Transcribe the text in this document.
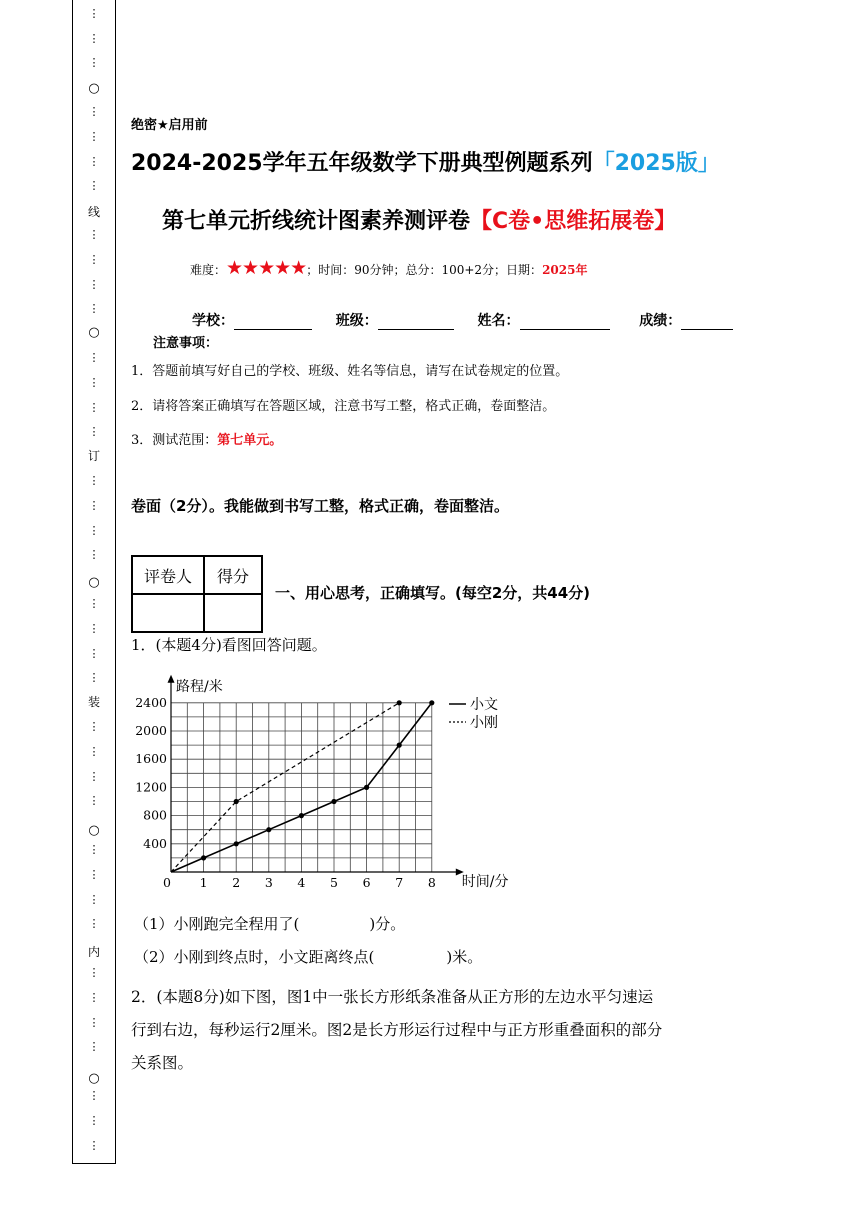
⋮
⋮
⋮
⋮
⋮
⋮
⋮
⋮
⋮
⋮
⋮
⋮
⋮
⋮
⋮
⋮
⋮
⋮
⋮
⋮
⋮
⋮
⋮
⋮
⋮
⋮
⋮
⋮
⋮
⋮
⋮
⋮
⋮
⋮
⋮
⋮
⋮
⋮
○
线
○
订
○
装
○
内
○
绝密★启用前
2024-2025学年五年级数学下册典型例题系列「2025版」
第七单元折线统计图素养测评卷【C卷•思维拓展卷】
难度：★★★★★；时间：90分钟；总分：100+2分；日期：2025年
学校：	班级：	姓名：	成绩：
注意事项：
1．答题前填写好自己的学校、班级、姓名等信息，请写在试卷规定的位置。
2．请将答案正确填写在答题区域，注意书写工整，格式正确，卷面整洁。
3．测试范围：第七单元。
卷面（2分）。我能做到书写工整，格式正确，卷面整洁。
评卷人	得分

一、用心思考，正确填写。(每空2分，共44分)
1．(本题4分)看图回答问题。
路程/米
时间/分
0 1 2 3 4 5 6 7 8
400
800
1200
1600
2000
2400	小文
小刚
（1）小刚跑完全程用了(	)分。
（2）小刚到终点时，小文距离终点(	)米。
2．(本题8分)如下图，图1中一张长方形纸条准备从正方形的左边水平匀速运
行到右边，每秒运行2厘米。图2是长方形运行过程中与正方形重叠面积的部分
关系图。
